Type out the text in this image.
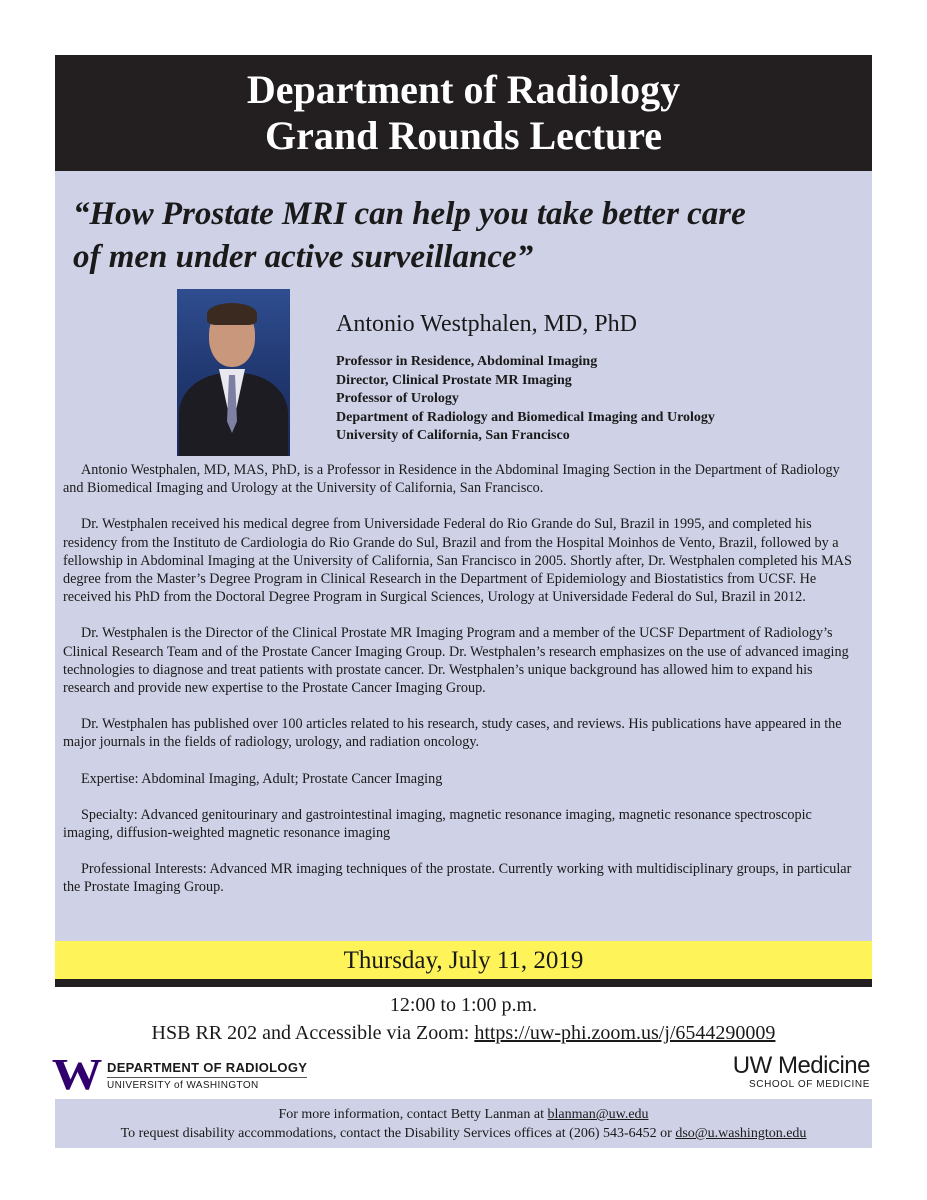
Department of Radiology
Grand Rounds Lecture
“How Prostate MRI can help you take better care
of men under active surveillance”
Antonio Westphalen, MD, PhD
Professor in Residence, Abdominal Imaging
Director, Clinical Prostate MR Imaging
Professor of Urology
Department of Radiology and Biomedical Imaging and Urology
University of California, San Francisco

Antonio Westphalen, MD, MAS, PhD, is a Professor in Residence in the Abdominal Imaging Section in the Department of Radiology and Biomedical Imaging and Urology at the University of California, San Francisco.

Dr. Westphalen received his medical degree from Universidade Federal do Rio Grande do Sul, Brazil in 1995, and completed his residency from the Instituto de Cardiologia do Rio Grande do Sul, Brazil and from the Hospital Moinhos de Vento, Brazil, followed by a fellowship in Abdominal Imaging at the University of California, San Francisco in 2005. Shortly after, Dr. Westphalen completed his MAS degree from the Master’s Degree Program in Clinical Research in the Department of Epidemiology and Biostatistics from UCSF. He received his PhD from the Doctoral Degree Program in Surgical Sciences, Urology at Universidade Federal do Sul, Brazil in 2012.

Dr. Westphalen is the Director of the Clinical Prostate MR Imaging Program and a member of the UCSF Department of Radiology’s Clinical Research Team and of the Prostate Cancer Imaging Group. Dr. Westphalen’s research emphasizes on the use of advanced imaging technologies to diagnose and treat patients with prostate cancer. Dr. Westphalen’s unique background has allowed him to expand his research and provide new expertise to the Prostate Cancer Imaging Group.

Dr. Westphalen has published over 100 articles related to his research, study cases, and reviews. His publications have appeared in the major journals in the fields of radiology, urology, and radiation oncology.

Expertise: Abdominal Imaging, Adult; Prostate Cancer Imaging

Specialty: Advanced genitourinary and gastrointestinal imaging, magnetic resonance imaging, magnetic resonance spectroscopic imaging, diffusion-weighted magnetic resonance imaging

Professional Interests: Advanced MR imaging techniques of the prostate. Currently working with multidisciplinary groups, in particular the Prostate Imaging Group.

Thursday, July 11, 2019
12:00 to 1:00 p.m.
HSB RR 202 and Accessible via Zoom: https://uw-phi.zoom.us/j/6544290009
W DEPARTMENT OF RADIOLOGY
UNIVERSITY of WASHINGTON
UW Medicine
SCHOOL OF MEDICINE
For more information, contact Betty Lanman at blanman@uw.edu
To request disability accommodations, contact the Disability Services offices at (206) 543-6452 or dso@u.washington.edu
